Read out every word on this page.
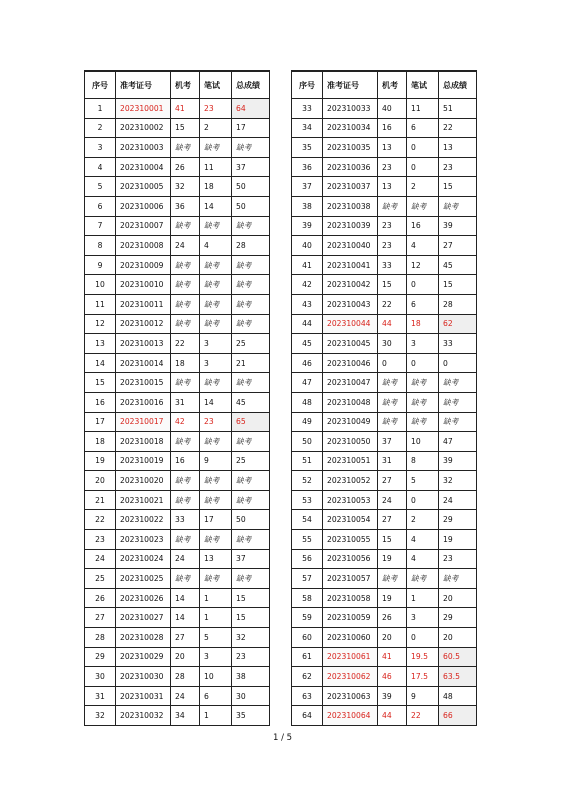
序号	准考证号	机考	笔试	总成绩
1	202310001	41	23	64
2	202310002	15	2	17
3	202310003	缺考	缺考	缺考
4	202310004	26	11	37
5	202310005	32	18	50
6	202310006	36	14	50
7	202310007	缺考	缺考	缺考
8	202310008	24	4	28
9	202310009	缺考	缺考	缺考
10	202310010	缺考	缺考	缺考
11	202310011	缺考	缺考	缺考
12	202310012	缺考	缺考	缺考
13	202310013	22	3	25
14	202310014	18	3	21
15	202310015	缺考	缺考	缺考
16	202310016	31	14	45
17	202310017	42	23	65
18	202310018	缺考	缺考	缺考
19	202310019	16	9	25
20	202310020	缺考	缺考	缺考
21	202310021	缺考	缺考	缺考
22	202310022	33	17	50
23	202310023	缺考	缺考	缺考
24	202310024	24	13	37
25	202310025	缺考	缺考	缺考
26	202310026	14	1	15
27	202310027	14	1	15
28	202310028	27	5	32
29	202310029	20	3	23
30	202310030	28	10	38
31	202310031	24	6	30
32	202310032	34	1	35
序号	准考证号	机考	笔试	总成绩
33	202310033	40	11	51
34	202310034	16	6	22
35	202310035	13	0	13
36	202310036	23	0	23
37	202310037	13	2	15
38	202310038	缺考	缺考	缺考
39	202310039	23	16	39
40	202310040	23	4	27
41	202310041	33	12	45
42	202310042	15	0	15
43	202310043	22	6	28
44	202310044	44	18	62
45	202310045	30	3	33
46	202310046	0	0	0
47	202310047	缺考	缺考	缺考
48	202310048	缺考	缺考	缺考
49	202310049	缺考	缺考	缺考
50	202310050	37	10	47
51	202310051	31	8	39
52	202310052	27	5	32
53	202310053	24	0	24
54	202310054	27	2	29
55	202310055	15	4	19
56	202310056	19	4	23
57	202310057	缺考	缺考	缺考
58	202310058	19	1	20
59	202310059	26	3	29
60	202310060	20	0	20
61	202310061	41	19.5	60.5
62	202310062	46	17.5	63.5
63	202310063	39	9	48
64	202310064	44	22	66
1 / 5
